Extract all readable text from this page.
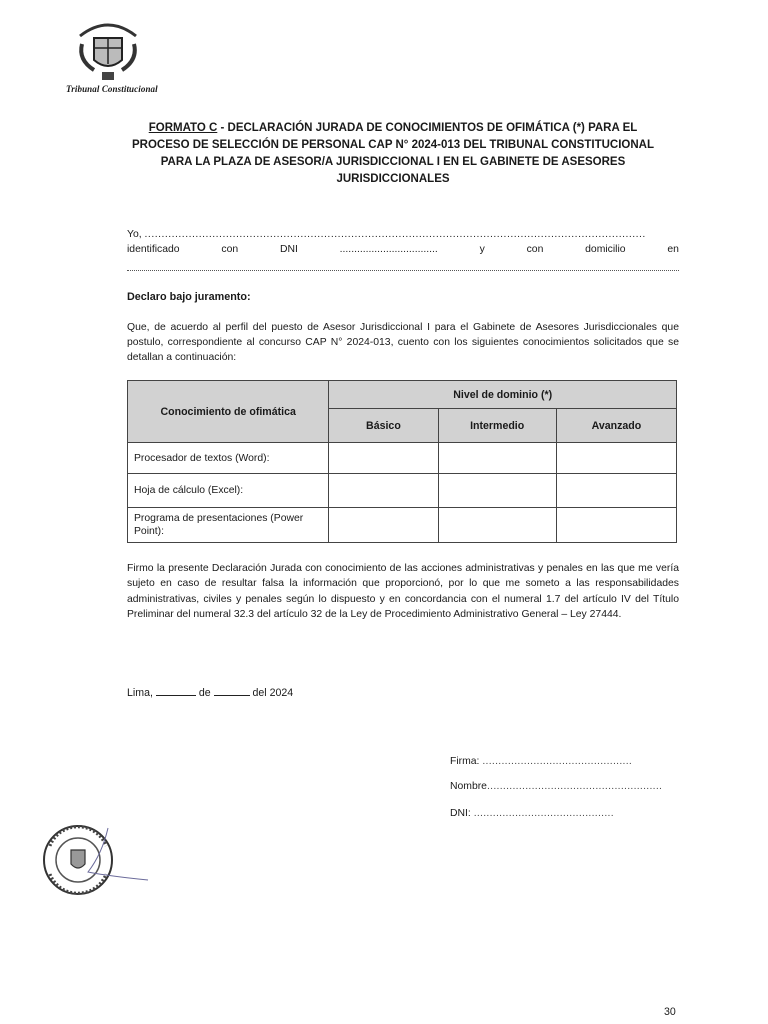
Tribunal Constitucional
FORMATO C - DECLARACIÓN JURADA DE CONOCIMIENTOS DE OFIMÁTICA (*) PARA EL PROCESO DE SELECCIÓN DE PERSONAL CAP N° 2024-013 DEL TRIBUNAL CONSTITUCIONAL PARA LA PLAZA DE ASESOR/A JURISDICCIONAL I EN EL GABINETE DE ASESORES JURISDICCIONALES
Yo, ....................................................................................................................................................
identificado	con	DNI	..................................	y	con	domicilio	en
Declaro bajo juramento:
Que, de acuerdo al perfil del puesto de Asesor Jurisdiccional I para el Gabinete de Asesores Jurisdiccionales que postulo, correspondiente al concurso CAP N° 2024-013, cuento con los siguientes conocimientos solicitados que se detallan a continuación:
Conocimiento de ofimática	Nivel de dominio (*)		
	Básico	Intermedio	Avanzado
Procesador de textos (Word):			
Hoja de cálculo (Excel):			
Programa de presentaciones (Power Point):			
Firmo la presente Declaración Jurada con conocimiento de las acciones administrativas y penales en las que me vería sujeto en caso de resultar falsa la información que proporcionó, por lo que me someto a las responsabilidades administrativas, civiles y penales según lo dispuesto y en concordancia con el numeral 1.7 del artículo IV del Título Preliminar del numeral 32.3 del artículo 32 de la Ley de Procedimiento Administrativo General – Ley 27444.
Lima,	de	del 2024
Firma: ...............................................
Nombre.......................................................
DNI: ............................................
30
